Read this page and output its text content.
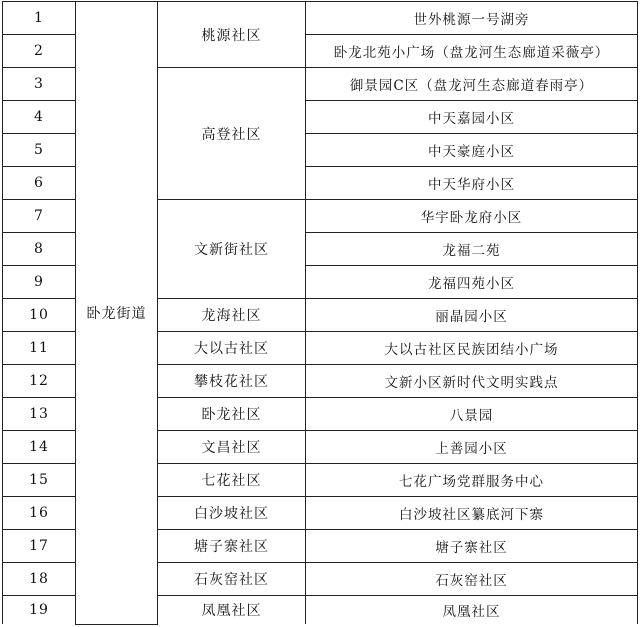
1	卧龙街道	桃源社区	世外桃源一号湖旁
2			卧龙北苑小广场（盘龙河生态廊道采薇亭）
3		高登社区	御景园C区（盘龙河生态廊道春雨亭）
4			中天嘉园小区
5			中天豪庭小区
6			中天华府小区
7		文新街社区	华宇卧龙府小区
8			龙福二苑
9			龙福四苑小区
10		龙海社区	丽晶园小区
11		大以古社区	大以古社区民族团结小广场
12		攀枝花社区	文新小区新时代文明实践点
13		卧龙社区	八景园
14		文昌社区	上善园小区
15		七花社区	七花广场党群服务中心
16		白沙坡社区	白沙坡社区纂底河下寨
17		塘子寨社区	塘子寨社区
18		石灰窑社区	石灰窑社区
19		凤凰社区	凤凰社区
